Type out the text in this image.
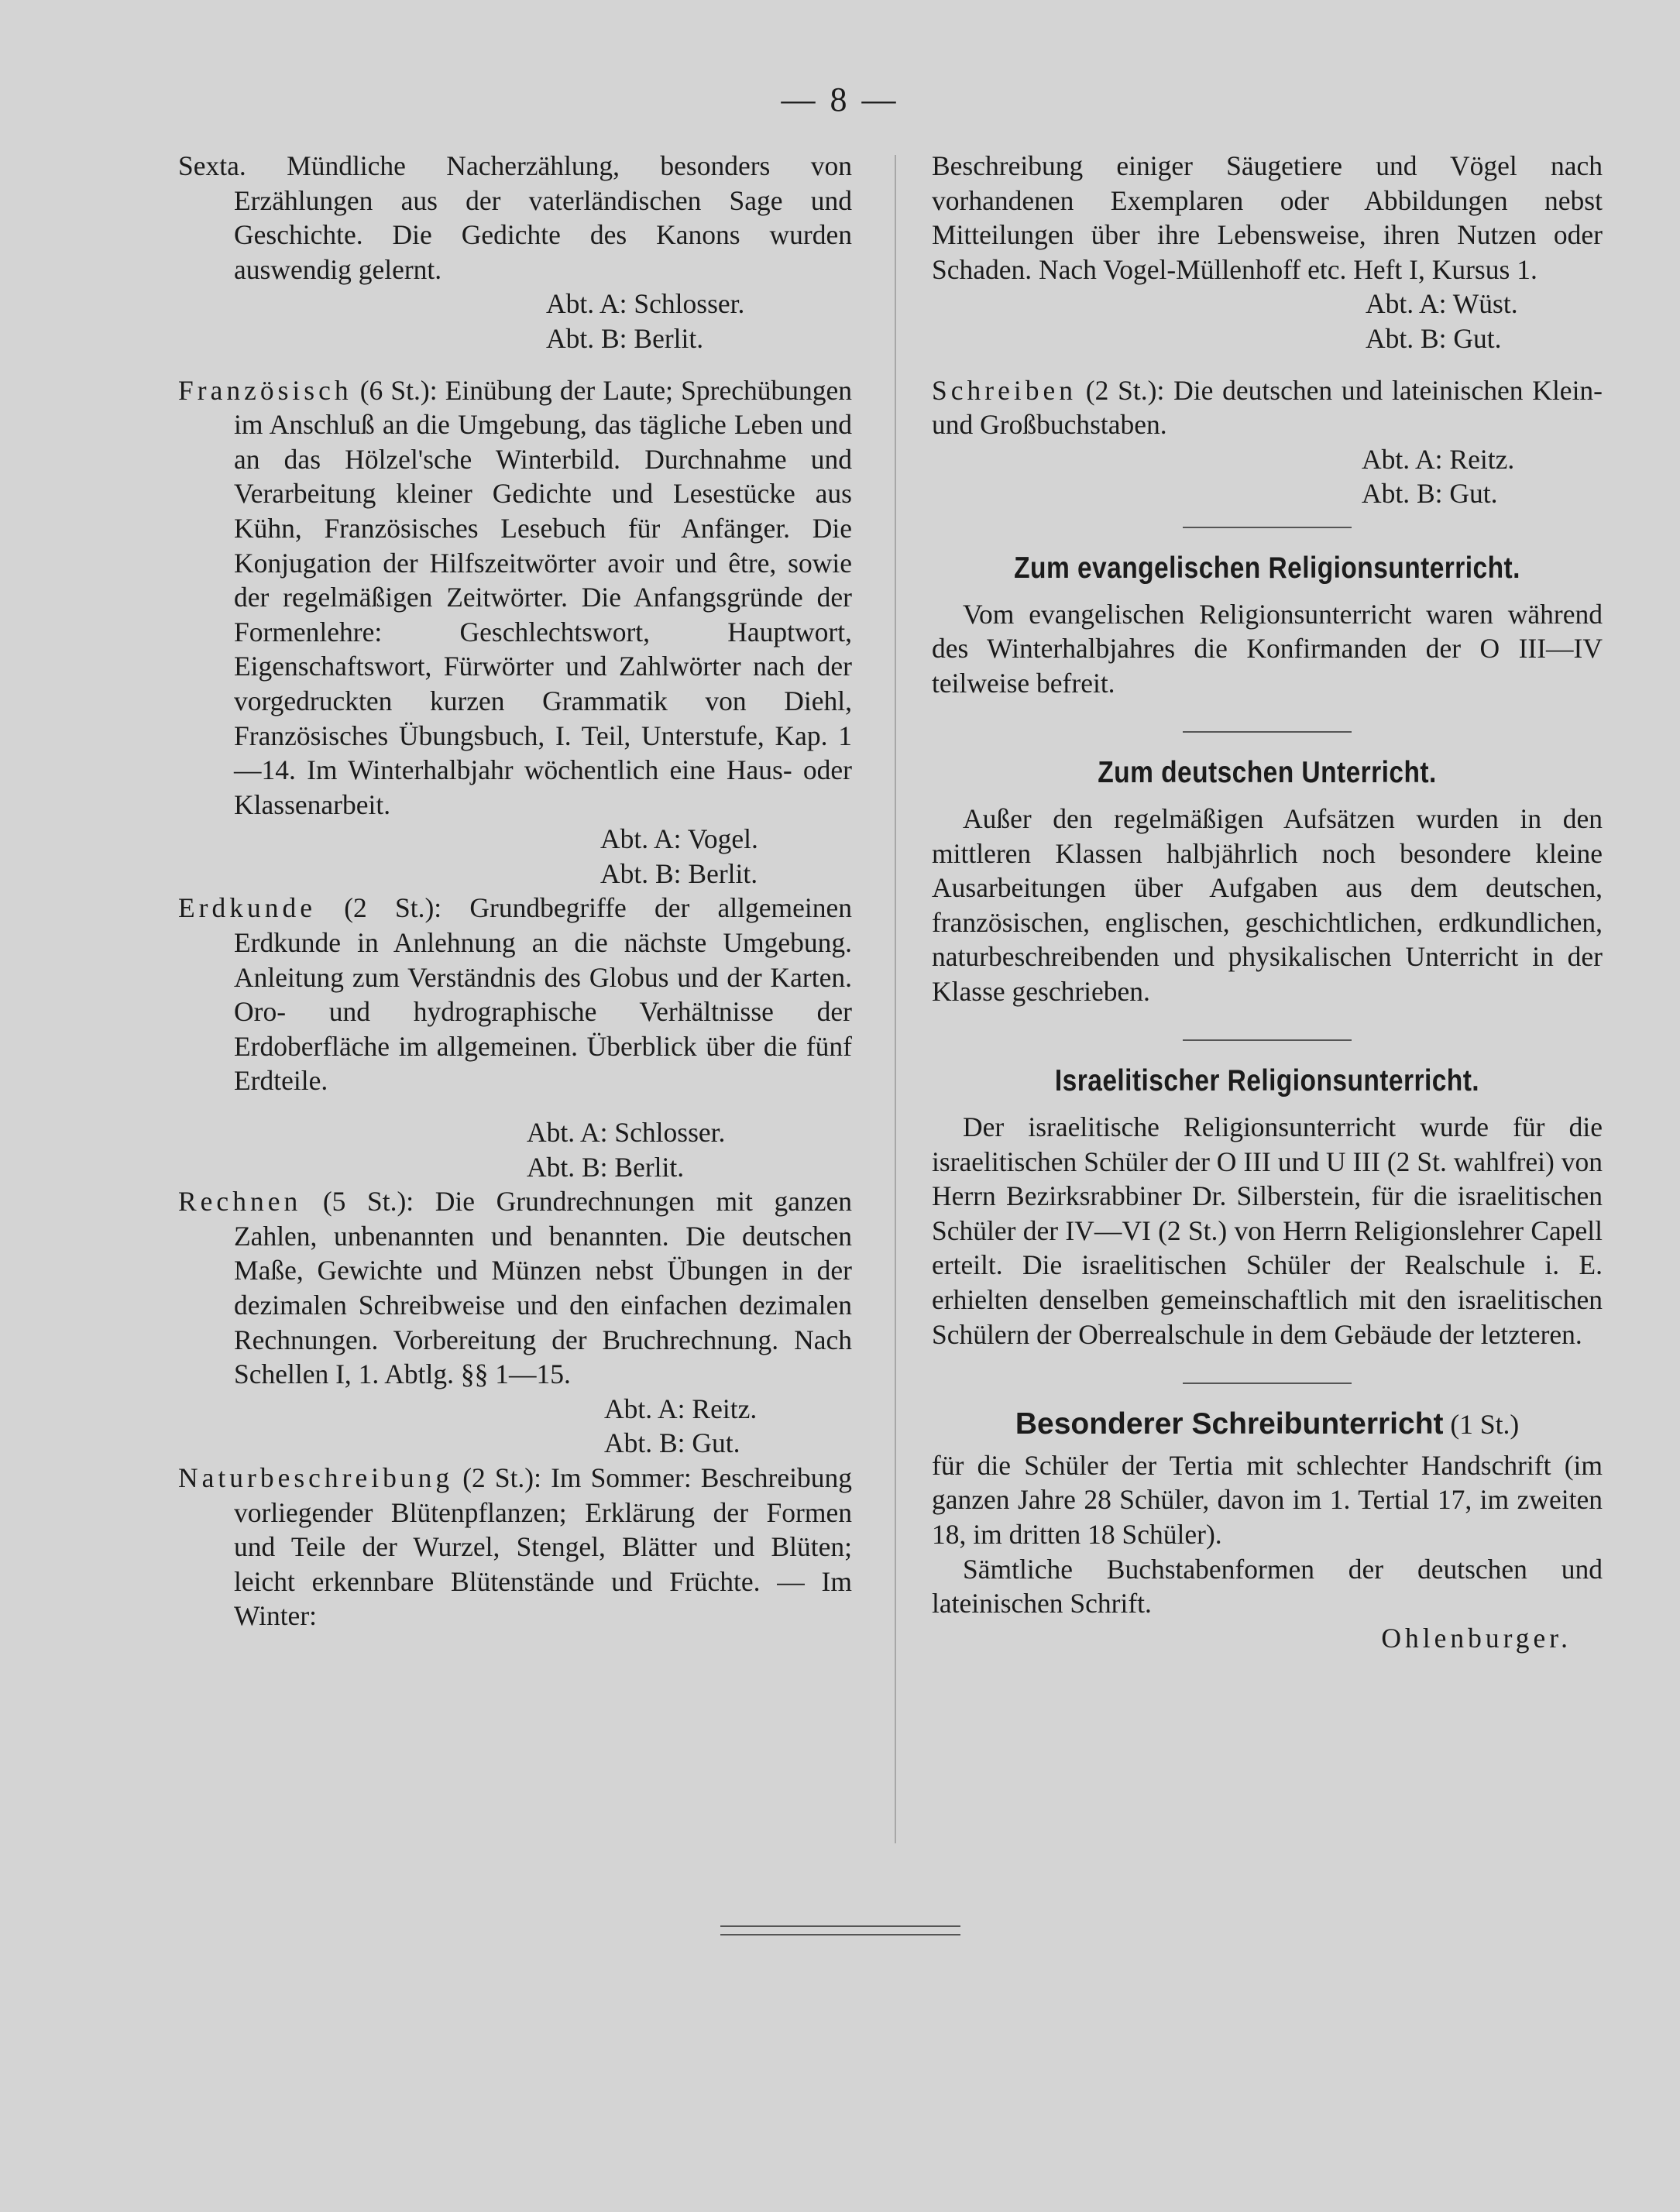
— 8 —
Sexta. Mündliche Nacherzählung, besonders von Erzählungen aus der vaterländischen Sage und Geschichte. Die Gedichte des Kanons wurden auswendig gelernt.
Abt. A: Schlosser.
Abt. B: Berlit.
Französisch (6 St.): Einübung der Laute; Sprechübungen im Anschluß an die Umgebung, das tägliche Leben und an das Hölzel'sche Winterbild. Durchnahme und Verarbeitung kleiner Gedichte und Lesestücke aus Kühn, Französisches Lesebuch für Anfänger. Die Konjugation der Hilfszeitwörter avoir und être, sowie der regelmäßigen Zeitwörter. Die Anfangsgründe der Formenlehre: Geschlechtswort, Hauptwort, Eigenschaftswort, Fürwörter und Zahlwörter nach der vorgedruckten kurzen Grammatik von Diehl, Französisches Übungsbuch, I. Teil, Unterstufe, Kap. 1—14. Im Winterhalbjahr wöchentlich eine Haus- oder Klassenarbeit.
Abt. A: Vogel.
Abt. B: Berlit.
Erdkunde (2 St.): Grundbegriffe der allgemeinen Erdkunde in Anlehnung an die nächste Umgebung. Anleitung zum Verständnis des Globus und der Karten. Oro- und hydrographische Verhältnisse der Erdoberfläche im allgemeinen. Überblick über die fünf Erdteile.
Abt. A: Schlosser.
Abt. B: Berlit.
Rechnen (5 St.): Die Grundrechnungen mit ganzen Zahlen, unbenannten und benannten. Die deutschen Maße, Gewichte und Münzen nebst Übungen in der dezimalen Schreibweise und den einfachen dezimalen Rechnungen. Vorbereitung der Bruchrechnung. Nach Schellen I, 1. Abtlg. §§ 1—15.
Abt. A: Reitz.
Abt. B: Gut.
Naturbeschreibung (2 St.): Im Sommer: Beschreibung vorliegender Blütenpflanzen; Erklärung der Formen und Teile der Wurzel, Stengel, Blätter und Blüten; leicht erkennbare Blütenstände und Früchte. — Im Winter:
Beschreibung einiger Säugetiere und Vögel nach vorhandenen Exemplaren oder Abbildungen nebst Mitteilungen über ihre Lebensweise, ihren Nutzen oder Schaden. Nach Vogel-Müllenhoff etc. Heft I, Kursus 1.
Abt. A: Wüst.
Abt. B: Gut.
Schreiben (2 St.): Die deutschen und lateinischen Klein- und Großbuchstaben.
Abt. A: Reitz.
Abt. B: Gut.
Zum evangelischen Religionsunterricht.
Vom evangelischen Religionsunterricht waren während des Winterhalbjahres die Konfirmanden der O III—IV teilweise befreit.
Zum deutschen Unterricht.
Außer den regelmäßigen Aufsätzen wurden in den mittleren Klassen halbjährlich noch besondere kleine Ausarbeitungen über Aufgaben aus dem deutschen, französischen, englischen, geschichtlichen, erdkundlichen, naturbeschreibenden und physikalischen Unterricht in der Klasse geschrieben.
Israelitischer Religionsunterricht.
Der israelitische Religionsunterricht wurde für die israelitischen Schüler der O III und U III (2 St. wahlfrei) von Herrn Bezirksrabbiner Dr. Silberstein, für die israelitischen Schüler der IV—VI (2 St.) von Herrn Religionslehrer Capell erteilt. Die israelitischen Schüler der Realschule i. E. erhielten denselben gemeinschaftlich mit den israelitischen Schülern der Oberrealschule in dem Gebäude der letzteren.
Besonderer Schreibunterricht (1 St.)
für die Schüler der Tertia mit schlechter Handschrift (im ganzen Jahre 28 Schüler, davon im 1. Tertial 17, im zweiten 18, im dritten 18 Schüler).
Sämtliche Buchstabenformen der deutschen und lateinischen Schrift.
Ohlenburger.
